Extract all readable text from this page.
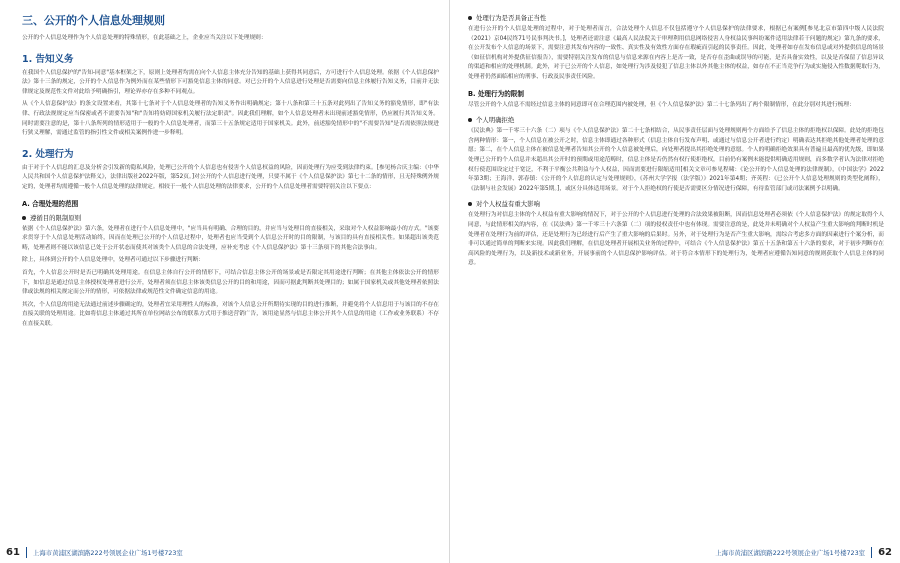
三、公开的个人信息处理规则

公开的个人信息处理作为个人信息处理的特殊情形，在此基础之上，企业应当关注以下处理规则：

1. 告知义务

在我国个人信息保护的"告知-同意"基本框架之下，原则上处理者均需在向个人信息主体充分告知的基础上获得其同意后，方可进行个人信息处理。依据《个人信息保护法》第十三条的规定，公开的个人信息作为例外而在某些情形下可豁免信息主体的同意。对已公开的个人信息进行处理是否需要向信息主体履行告知义务，目前并无法律规定及规范性文件对此给予明确指引，理论界亦存在多种不同观点。

从《个人信息保护法》的条文设置来看，其第十七条对于个人信息处理者的告知义务作出明确规定；第十八条和第三十五条对此列出了告知义务的豁免情形，即"有法律、行政法规规定应当保密或者不需要告知"和"告知将妨碍国家机关履行法定职责"。因此我们理解，如个人信息处理者未出现前述豁免情形，仍应履行其告知义务。同时需要注意的是，第十八条所列的情形适用于一般的个人信息处理者，而第三十五条规定适用于国家机关。此外，前述豁免情形中的"不需要告知"是否需依照法规进行狭义理解，需通过监管的指引性文件或相关案例作进一步释明。

2. 处理行为

由于对于个人信息的汇总及分析会引发新的隐私风险，处理已公开的个人信息也有侵害个人信息权益的风险，因而处理行为应受到法律约束。[参见杨合庆主编：《中华人民共和国个人信息保护法释义》，法律出版社2022年版，第52页。]对公开的个人信息进行处理，只要不属于《个人信息保护法》第七十二条的情形，且无特殊例外规定的，处理者均需遵循一般个人信息处理的法律规定。相较于一般个人信息处理的法律要求，公开的个人信息处理者需要特别关注以下要点：

A. 合理处理的范围
遵循目的限制原则

依据《个人信息保护法》第六条，处理者在进行个人信息处理中，"应当具有明确、合理的目的，并应当与处理目的直接相关，采取对个人权益影响最小的方式。"该要求贯穿于个人信息处理活动始终，因而在处理已公开的个人信息过程中，处理者也应当受到个人信息公开时的目的限制，与该目的具有直接相关性。如果超出该类范畴，处理者则不能以该信息已处于公开状态而使其对该类个人信息的合法处理，应补充考虑《个人信息保护法》第十三条项下的其他合法事由。

除上，具体到公开的个人信息处理中，处理者可通过以下步骤进行判断：

首先，个人信息公开时是否已明确其处理用途。在信息主体自行公开的情形下，可结合信息主体公开的场景或是否限定其用途进行判断；在其他主体依法公开的情形下，如信息是通过信息主体授权处理者进行公开，处理者须在信息主体该类信息公开的目的和用途，因而可据此判断其处理目的；如属于国家机关或其他处理者依照法律或法规的相关规定而公开的情形，可依据法律或规范性文件确定信息的用途。

其次，个人信息的用途无法通过前述步骤确定的，处理者宜采用理性人的标准，对该个人信息公开所期待实现的目的进行推断，并避免将个人信息用于与该目的不存在直接关联的处理用途。比如将信息主体通过其所在单位网站公布的联系方式用于推送营销广告，该用途显然与信息主体公开其个人信息的用途（工作或业务联系）不存在直接关联。

61 上海市黄浦区湖滨路222号领展企业广场1号楼723室
处理行为是否具备正当性

在进行公开的个人信息处理的过程中，对于处理者而言，合法处理个人信息不仅包括遵守个人信息保护的法律要求，根据已有案例[参见北京市第四中级人民法院（2021）京04民终71号民事判决书。]，处理者还需注意《最高人民法院关于审理利用信息网络侵害人身权益民事纠纷案件适用法律若干问题的规定》第九条的要求，在公开发布个人信息的场景下，需要注意其发布内容的一致性、真实性及有效性方面存在瑕疵而引起的民事责任。因此，处理者如存在发布信息或对外提供信息的场景（如征信机构对外提供征信报告），需要特别关注发布的信息与信息来源在内容上是否一致，是否存在歪曲或误导的可能，是否具备实效性，以及是否保留了信息异议的渠道和相应的处理机制。此外，对于已公开的个人信息，如处理行为涉及侵犯了信息主体以外其他主体的权益，如存在不正当竞争行为或实施侵入性数据爬取行为，处理者仍然面临相应的刑事、行政及民事责任风险。

B. 处理行为的限制

尽管公开的个人信息不需经过信息主体的同意即可在合理范围内被处理，但《个人信息保护法》第二十七条列出了两个限制情形，在此分别对其进行梳理：

个人明确拒绝

《民法典》第一千零三十六条（二）项与《个人信息保护法》第二十七条相结合，从民事责任层面与处理规则两个方面给予了信息主体的拒绝权以保障。此处的拒绝包含两种情形：第一，个人信息在被公开之时，信息主体即通过各种形式（信息主体自行发布声明、或通过与信息公开者进行约定）明确表达其拒绝其他处理者处理的意愿；第二，在个人信息主体在被信息处理者告知其公开的个人信息被处理后，向处理者提出其拒绝处理的意愿。个人的明确拒绝效果具有普遍且最高的优先级，即如果处理已公开的个人信息并未超出其公开时的预期或用途范畴时，信息主体是否仍然有权行使拒绝权，目前仍有案例未能提供明确适用规则，而多数学者认为法律对拒绝权行使范围设定过于宽泛，不利于平衡公共利益与个人权益，因而需要进行限缩适用[相关文章可参见程啸：《论公开的个人信息处理的法律规制》，《中国法学》2022年第3期；王海洋、郭春镇：《公开的个人信息的认定与处理规则》，《苏州大学学报（法学版）》2021年第4期；齐英程：《已公开个人信息处理规则的类型化阐释》，《法制与社会发展》2022年第5期。]，或区分具体适用场景。对于个人拒绝权的行使是否需要区分情况进行保障，有待监管部门或司法案例予以明确。

对个人权益有重大影响

在处理行为对信息主体的个人权益有重大影响的情况下，对于公开的个人信息进行处理的合法效果被阻断，因而信息处理者必须依《个人信息保护法》的规定取得个人同意，与此情形相关的内容，在《民法典》第一千零三十六条第（二）项的侵权责任中也有体现。需要注意的是，此处并未明确对个人权益产生重大影响的判断时机是处理者在处理行为前的评估，还是处理行为已经进行后产生了重大影响的后果时。另外，对于处理行为是否产生重大影响，需综合考虑多方面的因素进行个案分析，而非可以通过简单的判断来实现。因此我们理解，在信息处理者开展相关业务的过程中，可结合《个人信息保护法》第五十五条和第五十六条的要求，对于初步判断存在高风险的处理行为，以及新技术或新业务，开展事前的个人信息保护影响评估。对于符合本情形下的处理行为，处理者应遵循告知同意的规则获取个人信息主体的同意。

上海市黄浦区湖滨路222号领展企业广场1号楼723室 62
